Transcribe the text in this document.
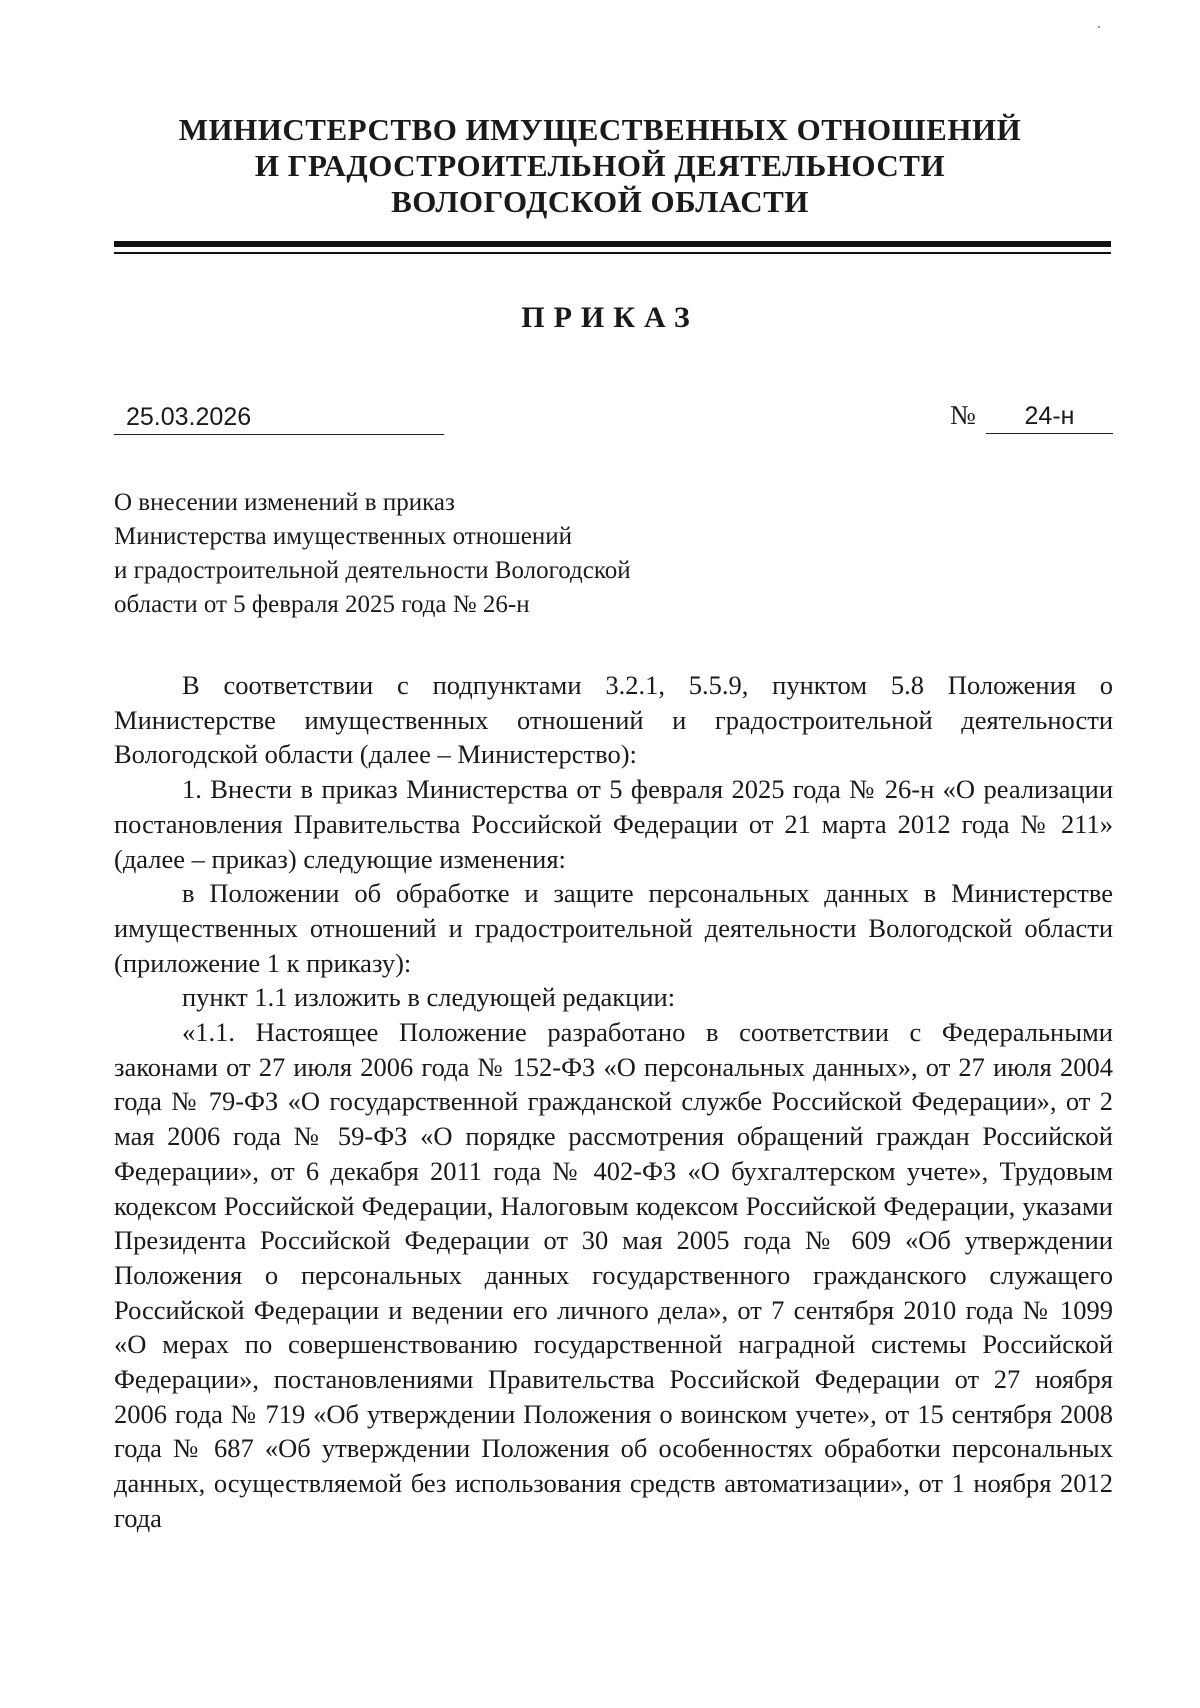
МИНИСТЕРСТВО ИМУЩЕСТВЕННЫХ ОТНОШЕНИЙ
И ГРАДОСТРОИТЕЛЬНОЙ ДЕЯТЕЛЬНОСТИ
ВОЛОГОДСКОЙ ОБЛАСТИ
ПРИКАЗ
25.03.2026	№ 24-н
О внесении изменений в приказ
Министерства имущественных отношений
и градостроительной деятельности Вологодской
области от 5 февраля 2025 года № 26-н

В соответствии с подпунктами 3.2.1, 5.5.9, пунктом 5.8 Положения о Министерстве имущественных отношений и градостроительной деятельности Вологодской области (далее – Министерство):

1. Внести в приказ Министерства от 5 февраля 2025 года № 26-н «О реализации постановления Правительства Российской Федерации от 21 марта 2012 года № 211» (далее – приказ) следующие изменения:

в Положении об обработке и защите персональных данных в Министерстве имущественных отношений и градостроительной деятельности Вологодской области (приложение 1 к приказу):

пункт 1.1 изложить в следующей редакции:

«1.1. Настоящее Положение разработано в соответствии с Федеральными законами от 27 июля 2006 года № 152-ФЗ «О персональных данных», от 27 июля 2004 года № 79-ФЗ «О государственной гражданской службе Российской Федерации», от 2 мая 2006 года № 59-ФЗ «О порядке рассмотрения обращений граждан Российской Федерации», от 6 декабря 2011 года № 402-ФЗ «О бухгалтерском учете», Трудовым кодексом Российской Федерации, Налоговым кодексом Российской Федерации, указами Президента Российской Федерации от 30 мая 2005 года № 609 «Об утверждении Положения о персональных данных государственного гражданского служащего Российской Федерации и ведении его личного дела», от 7 сентября 2010 года № 1099 «О мерах по совершенствованию государственной наградной системы Российской Федерации», постановлениями Правительства Российской Федерации от 27 ноября 2006 года № 719 «Об утверждении Положения о воинском учете», от 15 сентября 2008 года № 687 «Об утверждении Положения об особенностях обработки персональных данных, осуществляемой без использования средств автоматизации», от 1 ноября 2012 года
